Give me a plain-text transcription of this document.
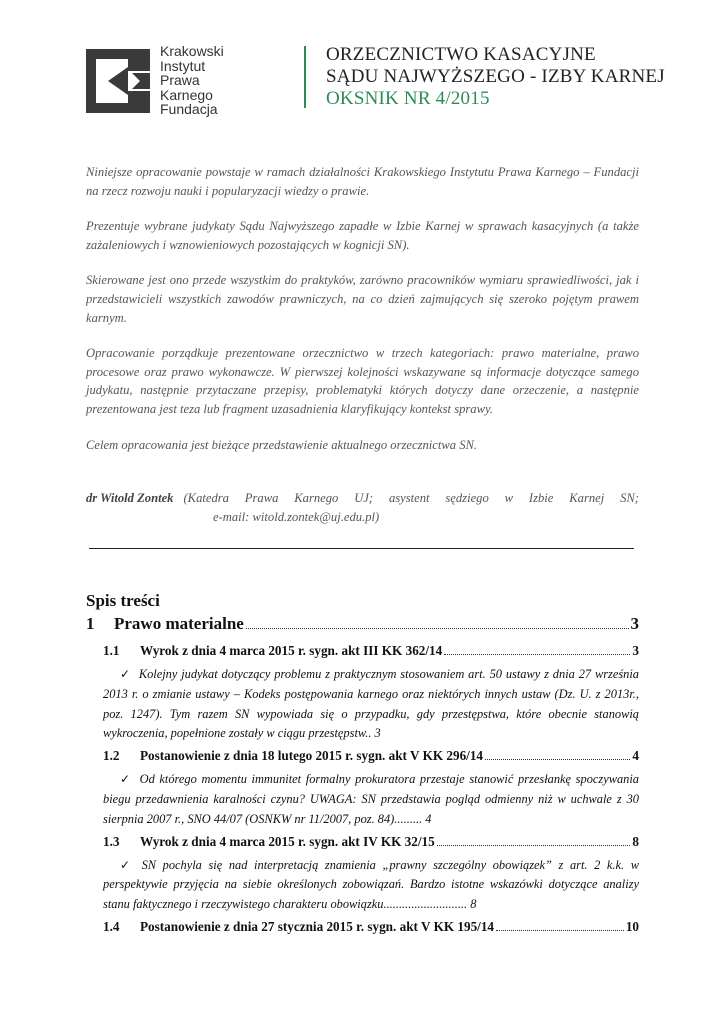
Krakowski
Instytut
Prawa
Karnego
Fundacja
ORZECZNICTWO KASACYJNE
SĄDU NAJWYŻSZEGO - IZBY KARNEJ
OKSNIK NR 4/2015

Niniejsze opracowanie powstaje w ramach działalności Krakowskiego Instytutu Prawa Karnego – Fundacji na rzecz rozwoju nauki i popularyzacji wiedzy o prawie.

Prezentuje wybrane judykaty Sądu Najwyższego zapadłe w Izbie Karnej w sprawach kasacyjnych (a także zażaleniowych i wznowieniowych pozostających w kognicji SN).

Skierowane jest ono przede wszystkim do praktyków, zarówno pracowników wymiaru sprawiedliwości, jak i przedstawicieli wszystkich zawodów prawniczych, na co dzień zajmujących się szeroko pojętym prawem karnym.

Opracowanie porządkuje prezentowane orzecznictwo w trzech kategoriach: prawo materialne, prawo procesowe oraz prawo wykonawcze. W pierwszej kolejności wskazywane są informacje dotyczące samego judykatu, następnie przytaczane przepisy, problematyki których dotyczy dane orzeczenie, a następnie prezentowana jest teza lub fragment uzasadnienia klaryfikujący kontekst sprawy.

Celem opracowania jest bieżące przedstawienie aktualnego orzecznictwa SN.

dr Witold Zontek (Katedra Prawa Karnego UJ; asystent sędziego w Izbie Karnej SN;
e-mail: witold.zontek@uj.edu.pl)
Spis treści
1	Prawo materialne	3
1.1	Wyrok z dnia 4 marca 2015 r. sygn. akt III KK 362/14	3
✓ Kolejny judykat dotyczący problemu z praktycznym stosowaniem art. 50 ustawy z dnia 27 września 2013 r. o zmianie ustawy – Kodeks postępowania karnego oraz niektórych innych ustaw (Dz. U. z 2013r., poz. 1247). Tym razem SN wypowiada się o przypadku, gdy przestępstwa, które obecnie stanowią wykroczenia, popełnione zostały w ciągu przestępstw.. 3
1.2	Postanowienie z dnia 18 lutego 2015 r. sygn. akt V KK 296/14	4
✓ Od którego momentu immunitet formalny prokuratora przestaje stanowić przesłankę spoczywania biegu przedawnienia karalności czynu? UWAGA: SN przedstawia pogląd odmienny niż w uchwale z 30 sierpnia 2007 r., SNO 44/07 (OSNKW nr 11/2007, poz. 84)......... 4
1.3	Wyrok z dnia 4 marca 2015 r. sygn. akt IV KK 32/15	8
✓ SN pochyla się nad interpretacją znamienia „prawny szczególny obowiązek” z art. 2 k.k. w perspektywie przyjęcia na siebie określonych zobowiązań. Bardzo istotne wskazówki dotyczące analizy stanu faktycznego i rzeczywistego charakteru obowiązku........................... 8
1.4	Postanowienie z dnia 27 stycznia 2015 r. sygn. akt V KK 195/14	10
